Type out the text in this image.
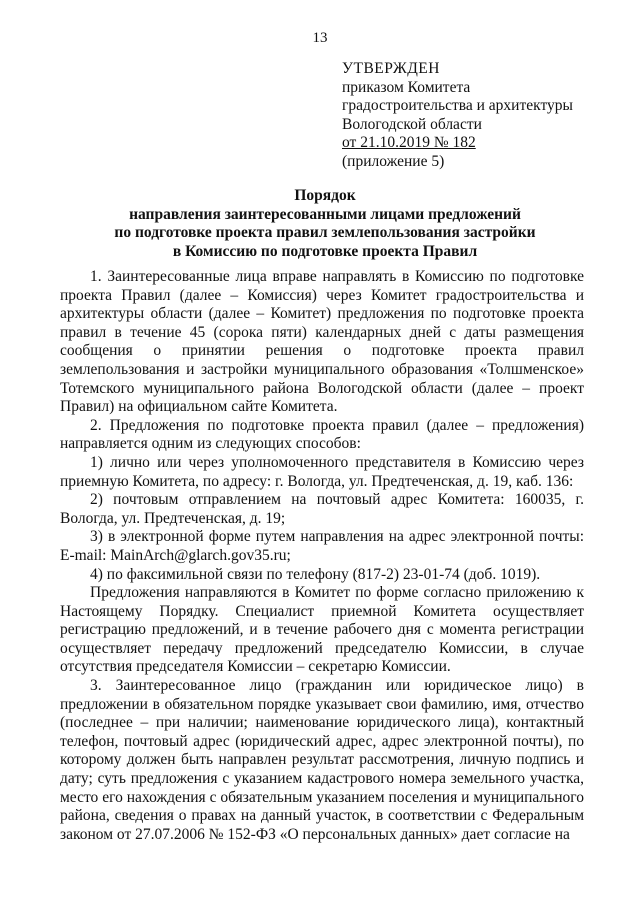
13
УТВЕРЖДЕН
приказом Комитета
градостроительства и архитектуры
Вологодской области
от 21.10.2019 № 182
(приложение 5)
Порядок
направления заинтересованными лицами предложений
по подготовке проекта правил землепользования застройки
в Комиссию по подготовке проекта Правил

1. Заинтересованные лица вправе направлять в Комиссию по подготовке проекта Правил (далее – Комиссия) через Комитет градостроительства и архитектуры области (далее – Комитет) предложения по подготовке проекта правил в течение 45 (сорока пяти) календарных дней с даты размещения сообщения о принятии решения о подготовке проекта правил землепользования и застройки муниципального образования «Толшменское» Тотемского муниципального района Вологодской области (далее – проект Правил) на официальном сайте Комитета.

2. Предложения по подготовке проекта правил (далее – предложения) направляется одним из следующих способов:

1) лично или через уполномоченного представителя в Комиссию через приемную Комитета, по адресу: г. Вологда, ул. Предтеченская, д. 19, каб. 136:

2) почтовым отправлением на почтовый адрес Комитета: 160035, г. Вологда, ул. Предтеченская, д. 19;

3) в электронной форме путем направления на адрес электронной почты: E-mail: MainArch@glarch.gov35.ru;

4) по факсимильной связи по телефону (817-2) 23-01-74 (доб. 1019).

Предложения направляются в Комитет по форме согласно приложению к Настоящему Порядку. Специалист приемной Комитета осуществляет регистрацию предложений, и в течение рабочего дня с момента регистрации осуществляет передачу предложений председателю Комиссии, в случае отсутствия председателя Комиссии – секретарю Комиссии.

3. Заинтересованное лицо (гражданин или юридическое лицо) в предложении в обязательном порядке указывает свои фамилию, имя, отчество (последнее – при наличии; наименование юридического лица), контактный телефон, почтовый адрес (юридический адрес, адрес электронной почты), по которому должен быть направлен результат рассмотрения, личную подпись и дату; суть предложения с указанием кадастрового номера земельного участка, место его нахождения с обязательным указанием поселения и муниципального района, сведения о правах на данный участок, в соответствии с Федеральным законом от 27.07.2006 № 152-ФЗ «О персональных данных» дает согласие на
